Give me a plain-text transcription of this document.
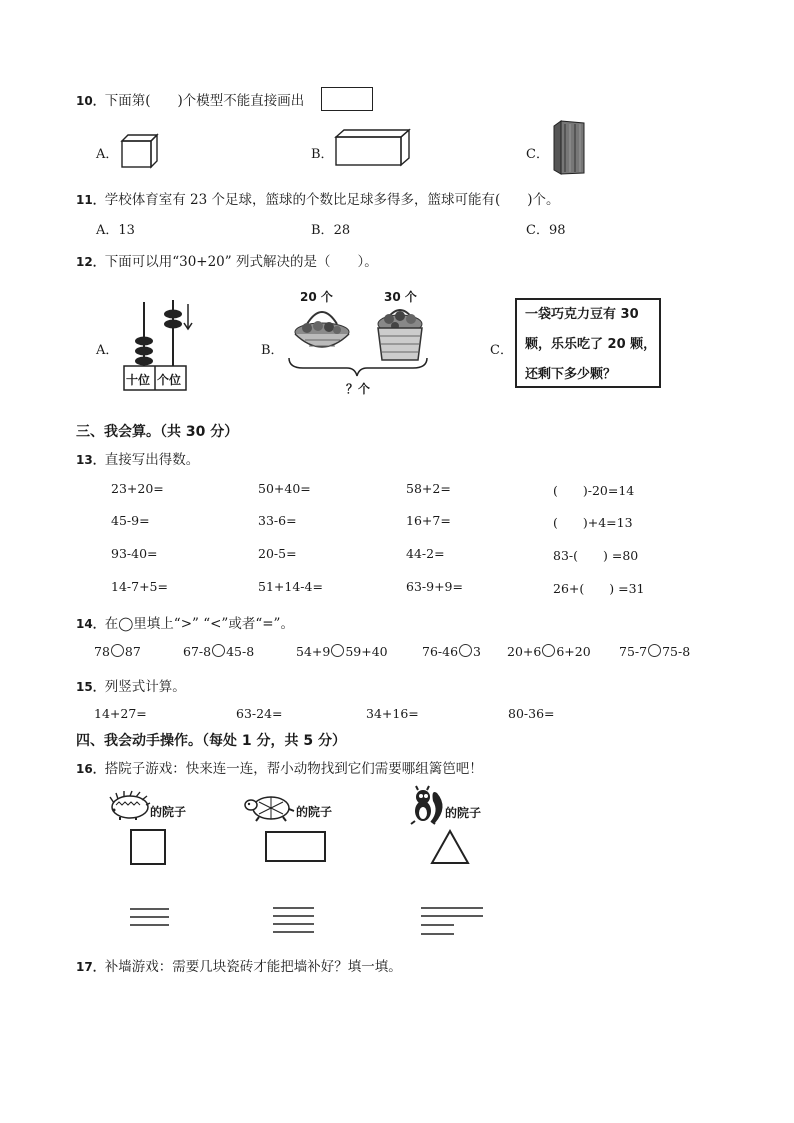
10．下面第(　　)个模型不能直接画出
A．	B．	C．
11．学校体育室有 23 个足球，篮球的个数比足球多得多，篮球可能有(　　)个。
A．13	B．28	C．98
12．下面可以用“30+20” 列式解决的是（　　）。
A．
十位 个位
B．
20 个	30 个
？个
C．
一袋巧克力豆有 30
颗，乐乐吃了 20 颗，
还剩下多少颗？
三、我会算。（共 30 分）
13．直接写出得数。
23+20=	50+40=	58+2=	(　　)-20=14
45-9=	33-6=	16+7=	(　　)+4=13
93-40=	20-5=	44-2=	83-(　　) =80
14-7+5=	51+14-4=	63-9+9=	26+(　　) =31
14．在◯里填上“>” “<”或者“=”。
78 87	67-8 45-8	54+9 59+40	76-46 3 20+6 6+20 75-7 75-8
15．列竖式计算。
14+27=	63-24=	34+16=	80-36=
四、我会动手操作。（每处 1 分，共 5 分）
16．搭院子游戏：快来连一连，帮小动物找到它们需要哪组篱笆吧！
的院子	的院子	的院子
17．补墙游戏：需要几块瓷砖才能把墙补好？填一填。
